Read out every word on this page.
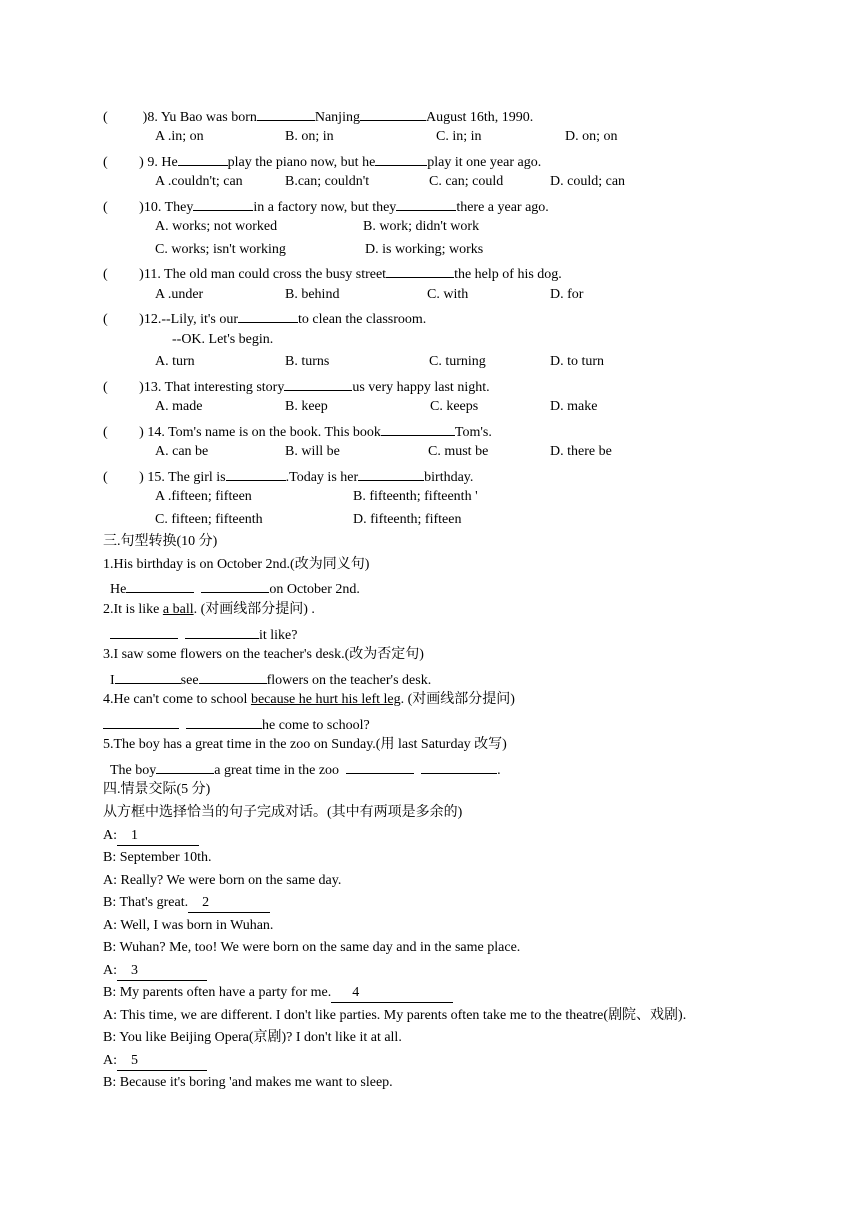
(	)8. Yu Bao was born	Nanjing	August 16th, 1990.
A .in; on	B. on; in	C. in; in	D. on; on
( ) 9. He	play the piano now, but he	play it one year ago.
A .couldn't; can	B.can; couldn't	C. can; could	D. could; can
( )10. They	in a factory now, but they	there a year ago.
A. works; not worked	B. work; didn't work
C. works; isn't working	D. is working; works
( )11. The old man could cross the busy street	the help of his dog.
A .under	B. behind	C. with	D. for
( )12.--Lily, it's our	to clean the classroom.
--OK. Let's begin.
A. turn	B. turns	C. turning	D. to turn
( )13. That interesting story	us very happy last night.
A. made	B. keep	C. keeps	D. make
( ) 14. Tom's name is on the book. This book	Tom's.
A. can be	B. will be	C. must be	D. there be
( ) 15. The girl is	.Today is her	birthday.
A .fifteen; fifteen	B. fifteenth; fifteenth '
C. fifteen; fifteenth	D. fifteenth; fifteen
三.句型转换(10 分)
1.His birthday is on October 2nd.(改为同义句)
He	on October 2nd.
2.It is like a ball. (对画线部分提问) .
it like?
3.I saw some flowers on the teacher's desk.(改为否定句)
I	see	flowers on the teacher's desk.
4.He can't come to school because he hurt his left leg. (对画线部分提问)
he come to school?
5.The boy has a great time in the zoo on Sunday.(用 last Saturday 改写)
The boy	a great time in the zoo	.
四.情景交际(5 分)
从方框中选择恰当的句子完成对话。(其中有两项是多余的)
A: 1
B: September 10th.
A: Really? We were born on the same day.
B: That's great. 2
A: Well, I was born in Wuhan.
B: Wuhan? Me, too! We were born on the same day and in the same place.
A: 3
B: My parents often have a party for me. 4
A: This time, we are different. I don't like parties. My parents often take me to the theatre(剧院、戏剧).
B: You like Beijing Opera(京剧)? I don't like it at all.
A: 5
B: Because it's boring 'and makes me want to sleep.
